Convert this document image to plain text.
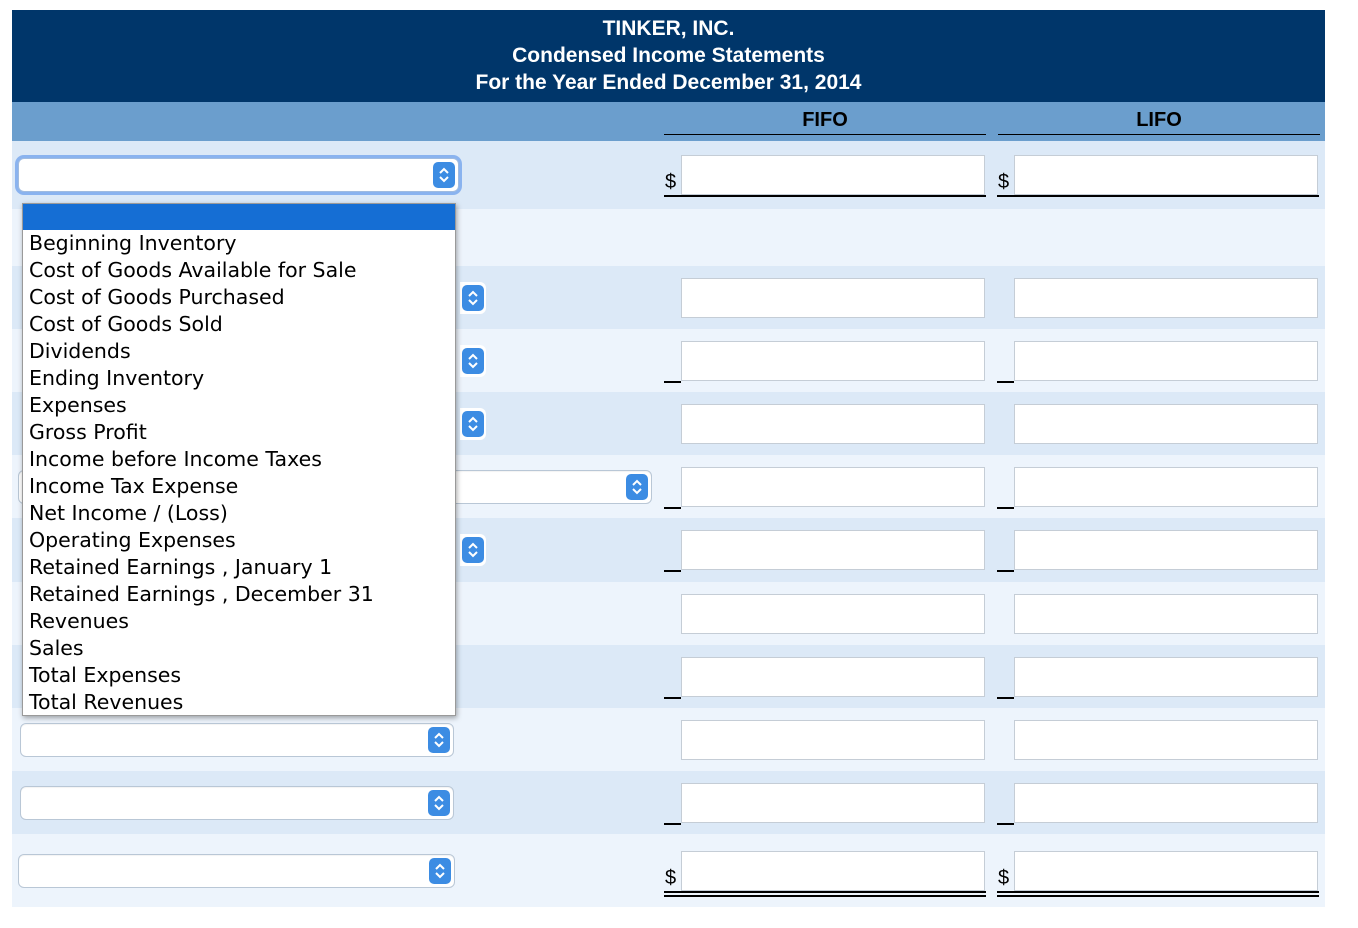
TINKER, INC.
Condensed Income Statements
For the Year Ended December 31, 2014
FIFO	LIFO
$	$
$	$
Beginning Inventory
Cost of Goods Available for Sale
Cost of Goods Purchased
Cost of Goods Sold
Dividends
Ending Inventory
Expenses
Gross Profit
Income before Income Taxes
Income Tax Expense
Net Income / (Loss)
Operating Expenses
Retained Earnings , January 1
Retained Earnings , December 31
Revenues
Sales
Total Expenses
Total Revenues
